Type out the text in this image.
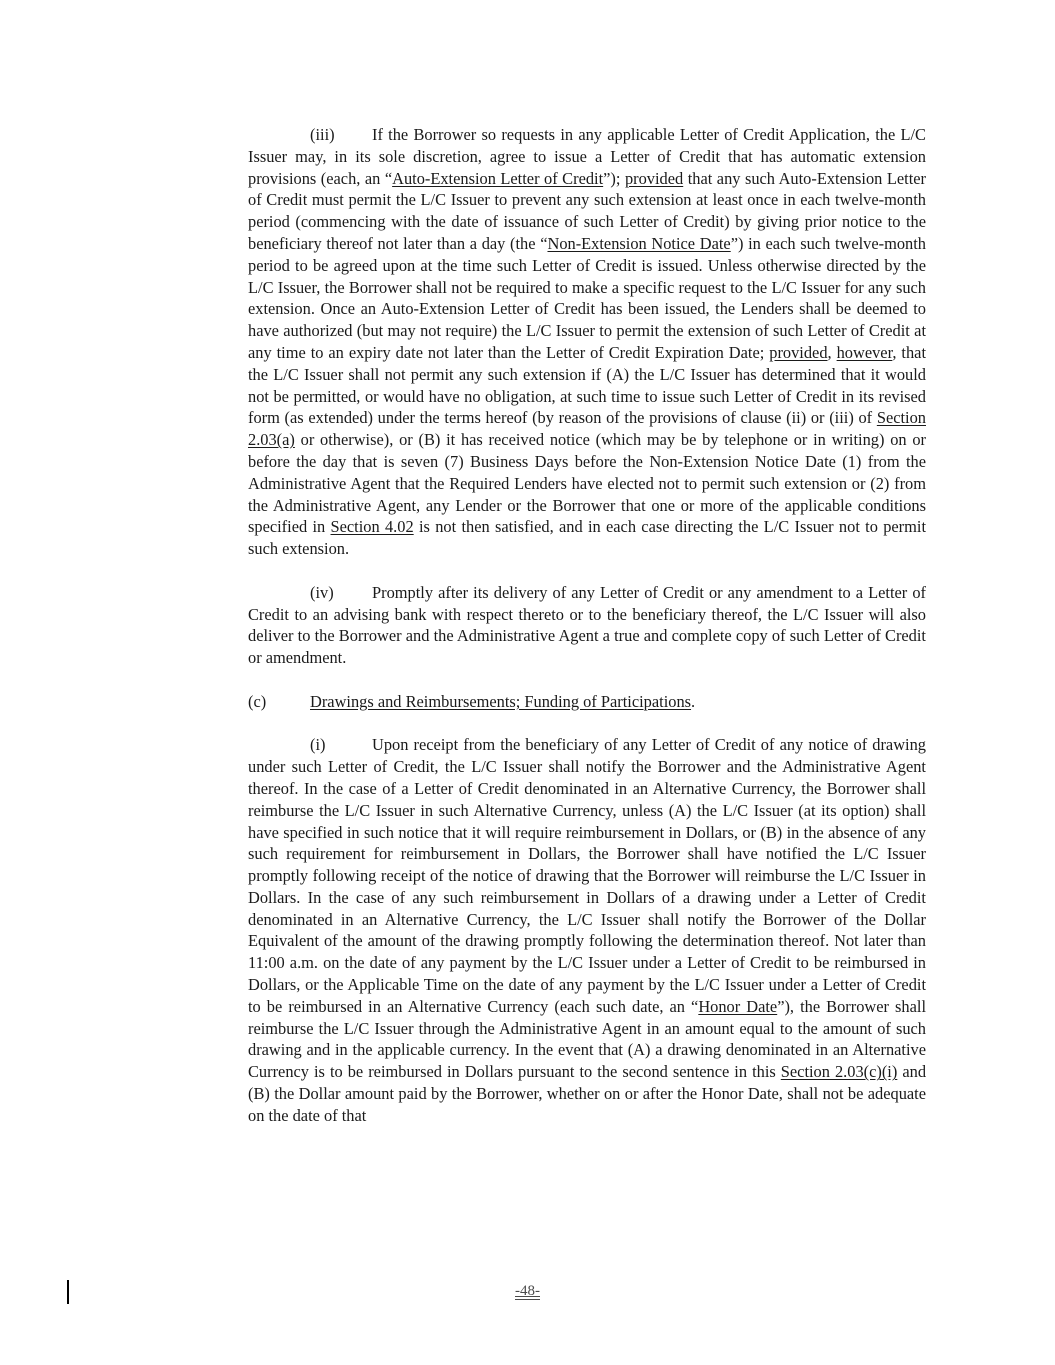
(iii) If the Borrower so requests in any applicable Letter of Credit Application, the L/C Issuer may, in its sole discretion, agree to issue a Letter of Credit that has automatic extension provisions (each, an “Auto-Extension Letter of Credit”); provided that any such Auto-Extension Letter of Credit must permit the L/C Issuer to prevent any such extension at least once in each twelve-month period (commencing with the date of issuance of such Letter of Credit) by giving prior notice to the beneficiary thereof not later than a day (the “Non-Extension Notice Date”) in each such twelve-month period to be agreed upon at the time such Letter of Credit is issued. Unless otherwise directed by the L/C Issuer, the Borrower shall not be required to make a specific request to the L/C Issuer for any such extension. Once an Auto-Extension Letter of Credit has been issued, the Lenders shall be deemed to have authorized (but may not require) the L/C Issuer to permit the extension of such Letter of Credit at any time to an expiry date not later than the Letter of Credit Expiration Date; provided, however, that the L/C Issuer shall not permit any such extension if (A) the L/C Issuer has determined that it would not be permitted, or would have no obligation, at such time to issue such Letter of Credit in its revised form (as extended) under the terms hereof (by reason of the provisions of clause (ii) or (iii) of Section 2.03(a) or otherwise), or (B) it has received notice (which may be by telephone or in writing) on or before the day that is seven (7) Business Days before the Non-Extension Notice Date (1) from the Administrative Agent that the Required Lenders have elected not to permit such extension or (2) from the Administrative Agent, any Lender or the Borrower that one or more of the applicable conditions specified in Section 4.02 is not then satisfied, and in each case directing the L/C Issuer not to permit such extension.

(iv) Promptly after its delivery of any Letter of Credit or any amendment to a Letter of Credit to an advising bank with respect thereto or to the beneficiary thereof, the L/C Issuer will also deliver to the Borrower and the Administrative Agent a true and complete copy of such Letter of Credit or amendment.

(c)	Drawings and Reimbursements; Funding of Participations.

(i)	Upon receipt from the beneficiary of any Letter of Credit of any notice of drawing under such Letter of Credit, the L/C Issuer shall notify the Borrower and the Administrative Agent thereof. In the case of a Letter of Credit denominated in an Alternative Currency, the Borrower shall reimburse the L/C Issuer in such Alternative Currency, unless (A) the L/C Issuer (at its option) shall have specified in such notice that it will require reimbursement in Dollars, or (B) in the absence of any such requirement for reimbursement in Dollars, the Borrower shall have notified the L/C Issuer promptly following receipt of the notice of drawing that the Borrower will reimburse the L/C Issuer in Dollars. In the case of any such reimbursement in Dollars of a drawing under a Letter of Credit denominated in an Alternative Currency, the L/C Issuer shall notify the Borrower of the Dollar Equivalent of the amount of the drawing promptly following the determination thereof. Not later than 11:00 a.m. on the date of any payment by the L/C Issuer under a Letter of Credit to be reimbursed in Dollars, or the Applicable Time on the date of any payment by the L/C Issuer under a Letter of Credit to be reimbursed in an Alternative Currency (each such date, an “Honor Date”), the Borrower shall reimburse the L/C Issuer through the Administrative Agent in an amount equal to the amount of such drawing and in the applicable currency. In the event that (A) a drawing denominated in an Alternative Currency is to be reimbursed in Dollars pursuant to the second sentence in this Section 2.03(c)(i) and (B) the Dollar amount paid by the Borrower, whether on or after the Honor Date, shall not be adequate on the date of that

-48-
